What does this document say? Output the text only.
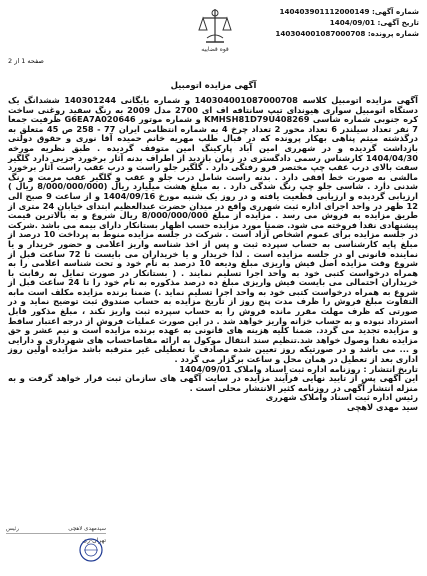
شماره آگهی: 140403901112000149
تاریخ آگهی: 1404/09/01
شماره پرونده: 140304001087000708
قوه قضاییه
صفحه 1 از 2
آگهی مزایده اتومبیل

آگهی مزایده اتومبیل کلاسه 140304001087000708 و شماره بایگانی 140301244 ششدانگ یک دستگاه اتومبیل سواری هیوندای تیپ سانتافه اف ای 2700 مدل 2009 به رنگ سفید روغنی ساخت کره جنوبی شماره شاسی KMHSH81D79U408269 و شماره موتور G6EA7A020646 ظرفیت جمعا 7 نفر تعداد سیلندر 6 تعداد محور 2 تعداد چرخ 4 به شماره انتظامی ایران 77 - 258 ص 45 متعلق به درگذشته میثم پناهی بهکار پرونده که در قبال طلب مهریه خانم حمیده آقا نوری و حقوق دولتی بازداشت گردیده و در شهرری امین آباد پارکینگ امین متوقف گردیده . طبق نظریه مورخه 1404/04/30 کارشناس رسمی دادگستری در زمان بازدید از اطراف بدنه آثار برخورد جزیی دارد گلگیر سفت بالای درب عقب چپ مختصر فرو رفتگی دارد . گلگیر جلو راست و درب عقب راست آثار برخورد مالشی به صورت خط افقی دارد . بدنه راست شامل درب جلو و عقب و گلگیر عقب مرمت و رنگ شدنی دارد . شاسی جلو چپ رنگ شدگی دارد . به مبلغ هشت میلیارد ریال (8/000/000/000 ریال ) ارزیابی گردیده و ارزیابی قطعیت یافته و در روز یک شنبه مورخ 1404/09/16 و از ساعت 9 صبح الی 12 ظهر در واحد اجرای اداره ثبت شهرری واقع در میدان حضرت عبدالعظیم ابتدای خیابان 24 متری از طریق مزایده به فروش می رسد . مزایده از مبلغ 8/000/000/000 ریال شروع و به بالاترین قیمت پیشنهادی نقدا فروخته می شود. ضمنا مورد مزایده حسب اظهار بستانکار دارای بیمه می باشد .شرکت در جلسه مزایده برای عموم اشخاص آزاد است . شرکت در جلسه مزایده منوط به پرداخت 10 درصد از مبلغ پایه کارشناسی به حساب سپرده ثبت و پس از اخذ شناسه واریز اعلامی و حضور خریدار و یا نماینده قانونی او در جلسه مزایده است . لذا خریدار و یا خریداران می بایست تا 72 ساعت قبل از شروع وقت مزایده اصل فیش واریزی مبلغ ودیعه 10 درصد به نام خود و تحت شناسه اعلامی را به همراه درخواست کتبی خود به واحد اجرا تسلیم نمایند . ( بستانکار در صورت تمایل به رقابت با خریداران احتمالی می بایست فیش واریزی مبلغ ده درصد مذکوره به نام خود را تا 24 ساعت قبل از شروع به همراه درخواست کتبی خود به واحد اجرا تسلیم نماید .) ضمنا برنده مزایده مکلف است مابه التفاوت مبلغ فروش را ظرف مدت پنج روز از تاریخ مزایده به حساب صندوق ثبت توضیح نماید و در صورتی که ظرف مهلت مقرر مانده فروش را به حساب سپرده ثبت واریز نکند ، مبلغ مذکور قابل استرداد نبوده و به حساب خزانه واریز خواهد شد . در این صورت عملیات فروش از درجه اعتبار ساقط و مزایده تجدید می گردد. ضمنا کلیه هزینه های قانونی به عهده برنده مزایده است و نیم عشر و حق مزایده نقدا وصول خواهد شد.تنظیم سند انتقال موکول به ارائه مفاصاحساب های شهرداری و دارایی و ... می باشد و در صورتیکه روز تعیین شده مصادف با تعطیلی غیر مترقبه باشد مزایده اولین روز اداری بعد از تعطیل در همان محل و ساعت برگزار می گردد .

تاریخ انتشار : روزنامه اداره ثبت اسناد واملاک 1404/09/01
این آگهی پس از تایید نهایی فرآیند مزایده در سایت آگهی های سازمان ثبت قرار خواهد گرفت و به منزله انتشار آگهی در روزنامه کثیر الانتشار محلی است .
رئیس اداره ثبت اسناد واملاک شهرری
سید مهدی لاهچی
سیدمهدی لاهچی
رئیس
تهران-ری
